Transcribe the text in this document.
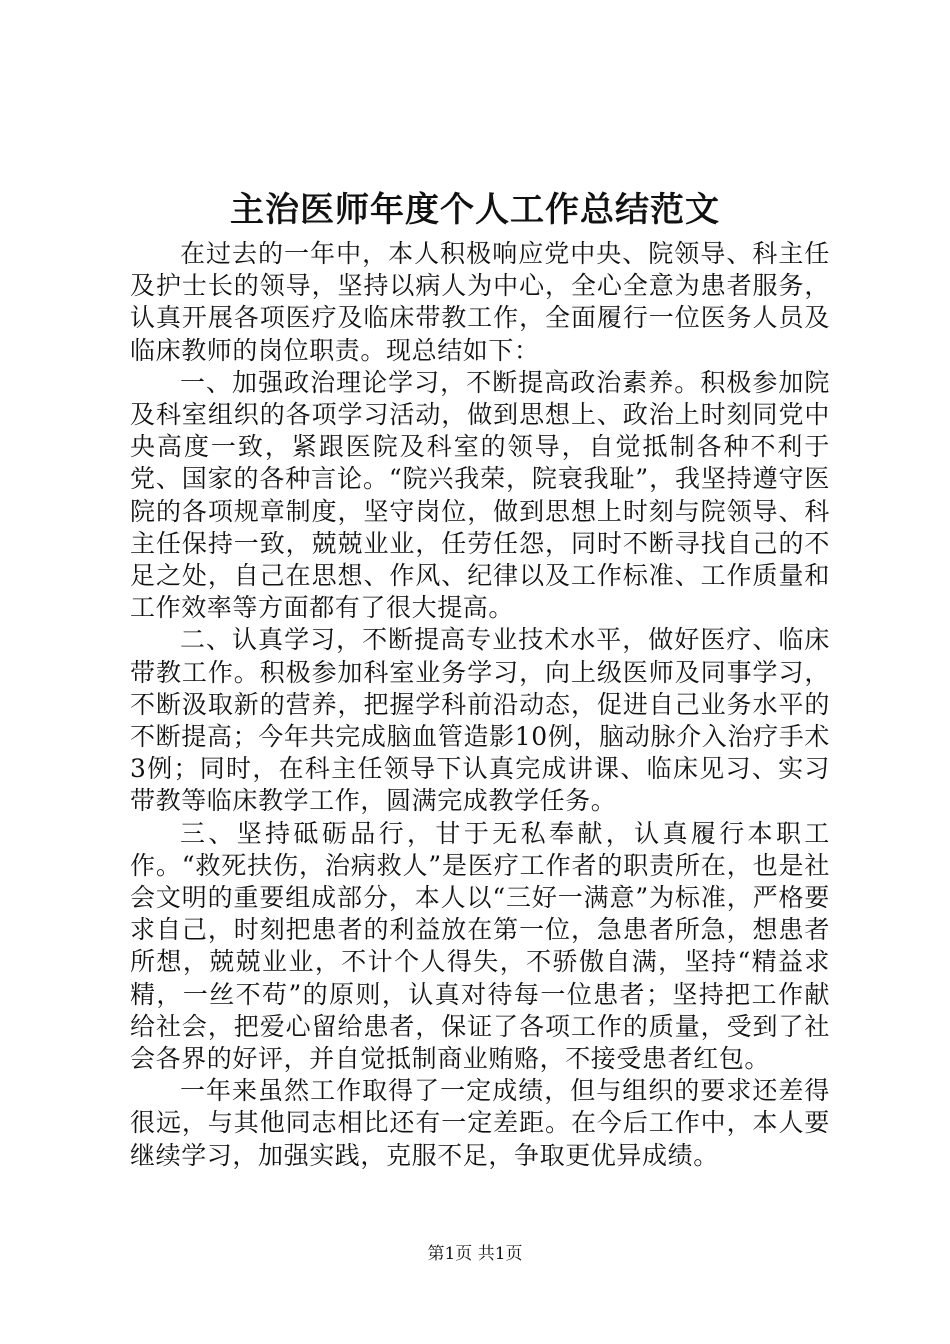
主治医师年度个人工作总结范文

在过去的一年中，本人积极响应党中央、院领导、科主任及护士长的领导，坚持以病人为中心，全心全意为患者服务，认真开展各项医疗及临床带教工作，全面履行一位医务人员及临床教师的岗位职责。现总结如下：

一、加强政治理论学习，不断提高政治素养。积极参加院及科室组织的各项学习活动，做到思想上、政治上时刻同党中央高度一致，紧跟医院及科室的领导，自觉抵制各种不利于党、国家的各种言论。“院兴我荣，院衰我耻”，我坚持遵守医院的各项规章制度，坚守岗位，做到思想上时刻与院领导、科主任保持一致，兢兢业业，任劳任怨，同时不断寻找自己的不足之处，自己在思想、作风、纪律以及工作标准、工作质量和工作效率等方面都有了很大提高。

二、认真学习，不断提高专业技术水平，做好医疗、临床带教工作。积极参加科室业务学习，向上级医师及同事学习，不断汲取新的营养，把握学科前沿动态，促进自己业务水平的不断提高；今年共完成脑血管造影10例，脑动脉介入治疗手术3例；同时，在科主任领导下认真完成讲课、临床见习、实习带教等临床教学工作，圆满完成教学任务。

三、坚持砥砺品行，甘于无私奉献，认真履行本职工作。“救死扶伤，治病救人”是医疗工作者的职责所在，也是社会文明的重要组成部分，本人以“三好一满意”为标准，严格要求自己，时刻把患者的利益放在第一位，急患者所急，想患者所想，兢兢业业，不计个人得失，不骄傲自满，坚持“精益求精，一丝不苟”的原则，认真对待每一位患者；坚持把工作献给社会，把爱心留给患者，保证了各项工作的质量，受到了社会各界的好评，并自觉抵制商业贿赂，不接受患者红包。

一年来虽然工作取得了一定成绩，但与组织的要求还差得很远，与其他同志相比还有一定差距。在今后工作中，本人要继续学习，加强实践，克服不足，争取更优异成绩。

第1页 共1页
